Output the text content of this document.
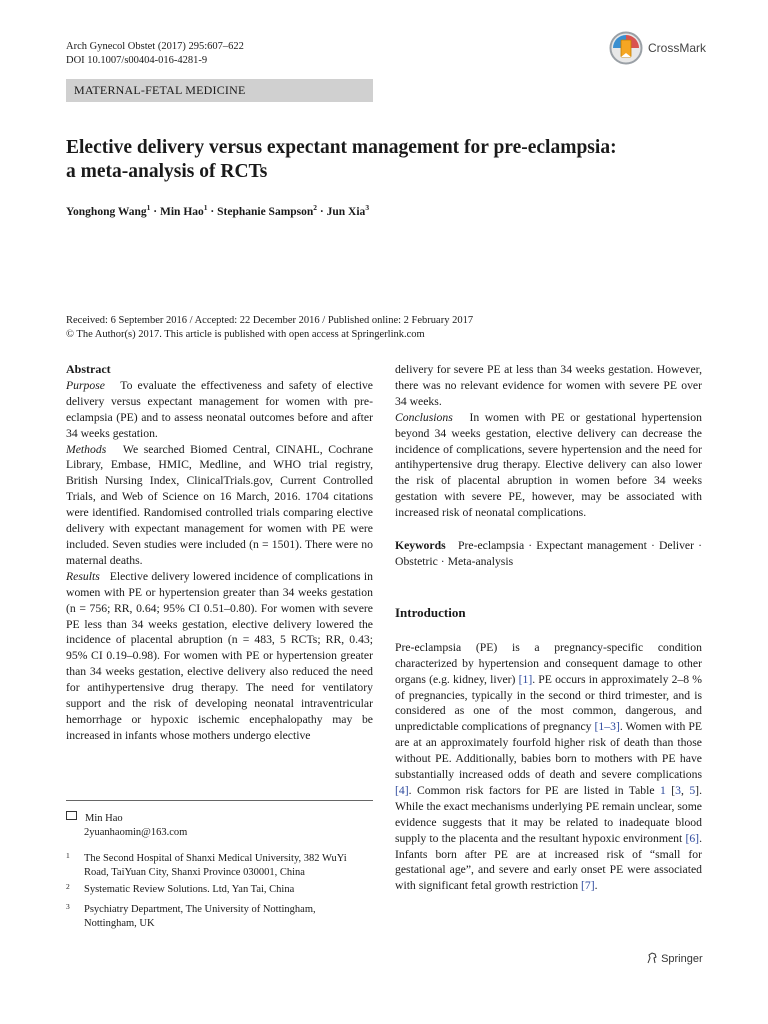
Arch Gynecol Obstet (2017) 295:607–622
DOI 10.1007/s00404-016-4281-9
CrossMark
MATERNAL-FETAL MEDICINE
Elective delivery versus expectant management for pre-eclampsia:
a meta-analysis of RCTs
Yonghong Wang$^1$ · Min Hao$^1$ · Stephanie Sampson$^2$ · Jun Xia$^3$
Received: 6 September 2016 / Accepted: 22 December 2016 / Published online: 2 February 2017
© The Author(s) 2017. This article is published with open access at Springerlink.com

Abstract

Purpose To evaluate the effectiveness and safety of elective delivery versus expectant management for women with pre-eclampsia (PE) and to assess neonatal outcomes before and after 34 weeks gestation.

Methods We searched Biomed Central, CINAHL, Cochrane Library, Embase, HMIC, Medline, and WHO trial registry, British Nursing Index, ClinicalTrials.gov, Current Controlled Trials, and Web of Science on 16 March, 2016. 1704 citations were identified. Randomised controlled trials comparing elective delivery with expectant management for women with PE were included. Seven studies were included (n = 1501). There were no maternal deaths.

Results Elective delivery lowered incidence of complications in women with PE or hypertension greater than 34 weeks gestation (n = 756; RR, 0.64; 95% CI 0.51–0.80). For women with severe PE less than 34 weeks gestation, elective delivery lowered the incidence of placental abruption (n = 483, 5 RCTs; RR, 0.43; 95% CI 0.19–0.98). For women with PE or hypertension greater than 34 weeks gestation, elective delivery also reduced the need for antihypertensive drug therapy. The need for ventilatory support and the risk of developing neonatal intraventricular hemorrhage or hypoxic ischemic encephalopathy may be increased in infants whose mothers undergo elective

delivery for severe PE at less than 34 weeks gestation. However, there was no relevant evidence for women with severe PE over 34 weeks.

Conclusions In women with PE or gestational hypertension beyond 34 weeks gestation, elective delivery can decrease the incidence of complications, severe hypertension and the need for antihypertensive drug therapy. Elective delivery can also lower the risk of placental abruption in women before 34 weeks gestation with severe PE, however, may be associated with increased risk of neonatal complications.

Keywords Pre-eclampsia · Expectant management · Deliver · Obstetric · Meta-analysis

Introduction

Pre-eclampsia (PE) is a pregnancy-specific condition characterized by hypertension and consequent damage to other organs (e.g. kidney, liver) [1]. PE occurs in approximately 2–8 % of pregnancies, typically in the second or third trimester, and is considered as one of the most common, dangerous, and unpredictable complications of pregnancy [1–3]. Women with PE are at an approximately fourfold higher risk of death than those without PE. Additionally, babies born to mothers with PE have substantially increased odds of death and severe complications [4]. Common risk factors for PE are listed in Table 1 [3, 5]. While the exact mechanisms underlying PE remain unclear, some evidence suggests that it may be related to inadequate blood supply to the placenta and the resultant hypoxic environment [6]. Infants born after PE are at increased risk of “small for gestational age”, and severe and early onset PE were associated with significant fetal growth restriction [7].

Min Hao
2yuanhaomin@163.com
1 The Second Hospital of Shanxi Medical University, 382 WuYi Road, TaiYuan City, Shanxi Province 030001, China
2 Systematic Review Solutions. Ltd, Yan Tai, China
3 Psychiatry Department, The University of Nottingham, Nottingham, UK
Springer
